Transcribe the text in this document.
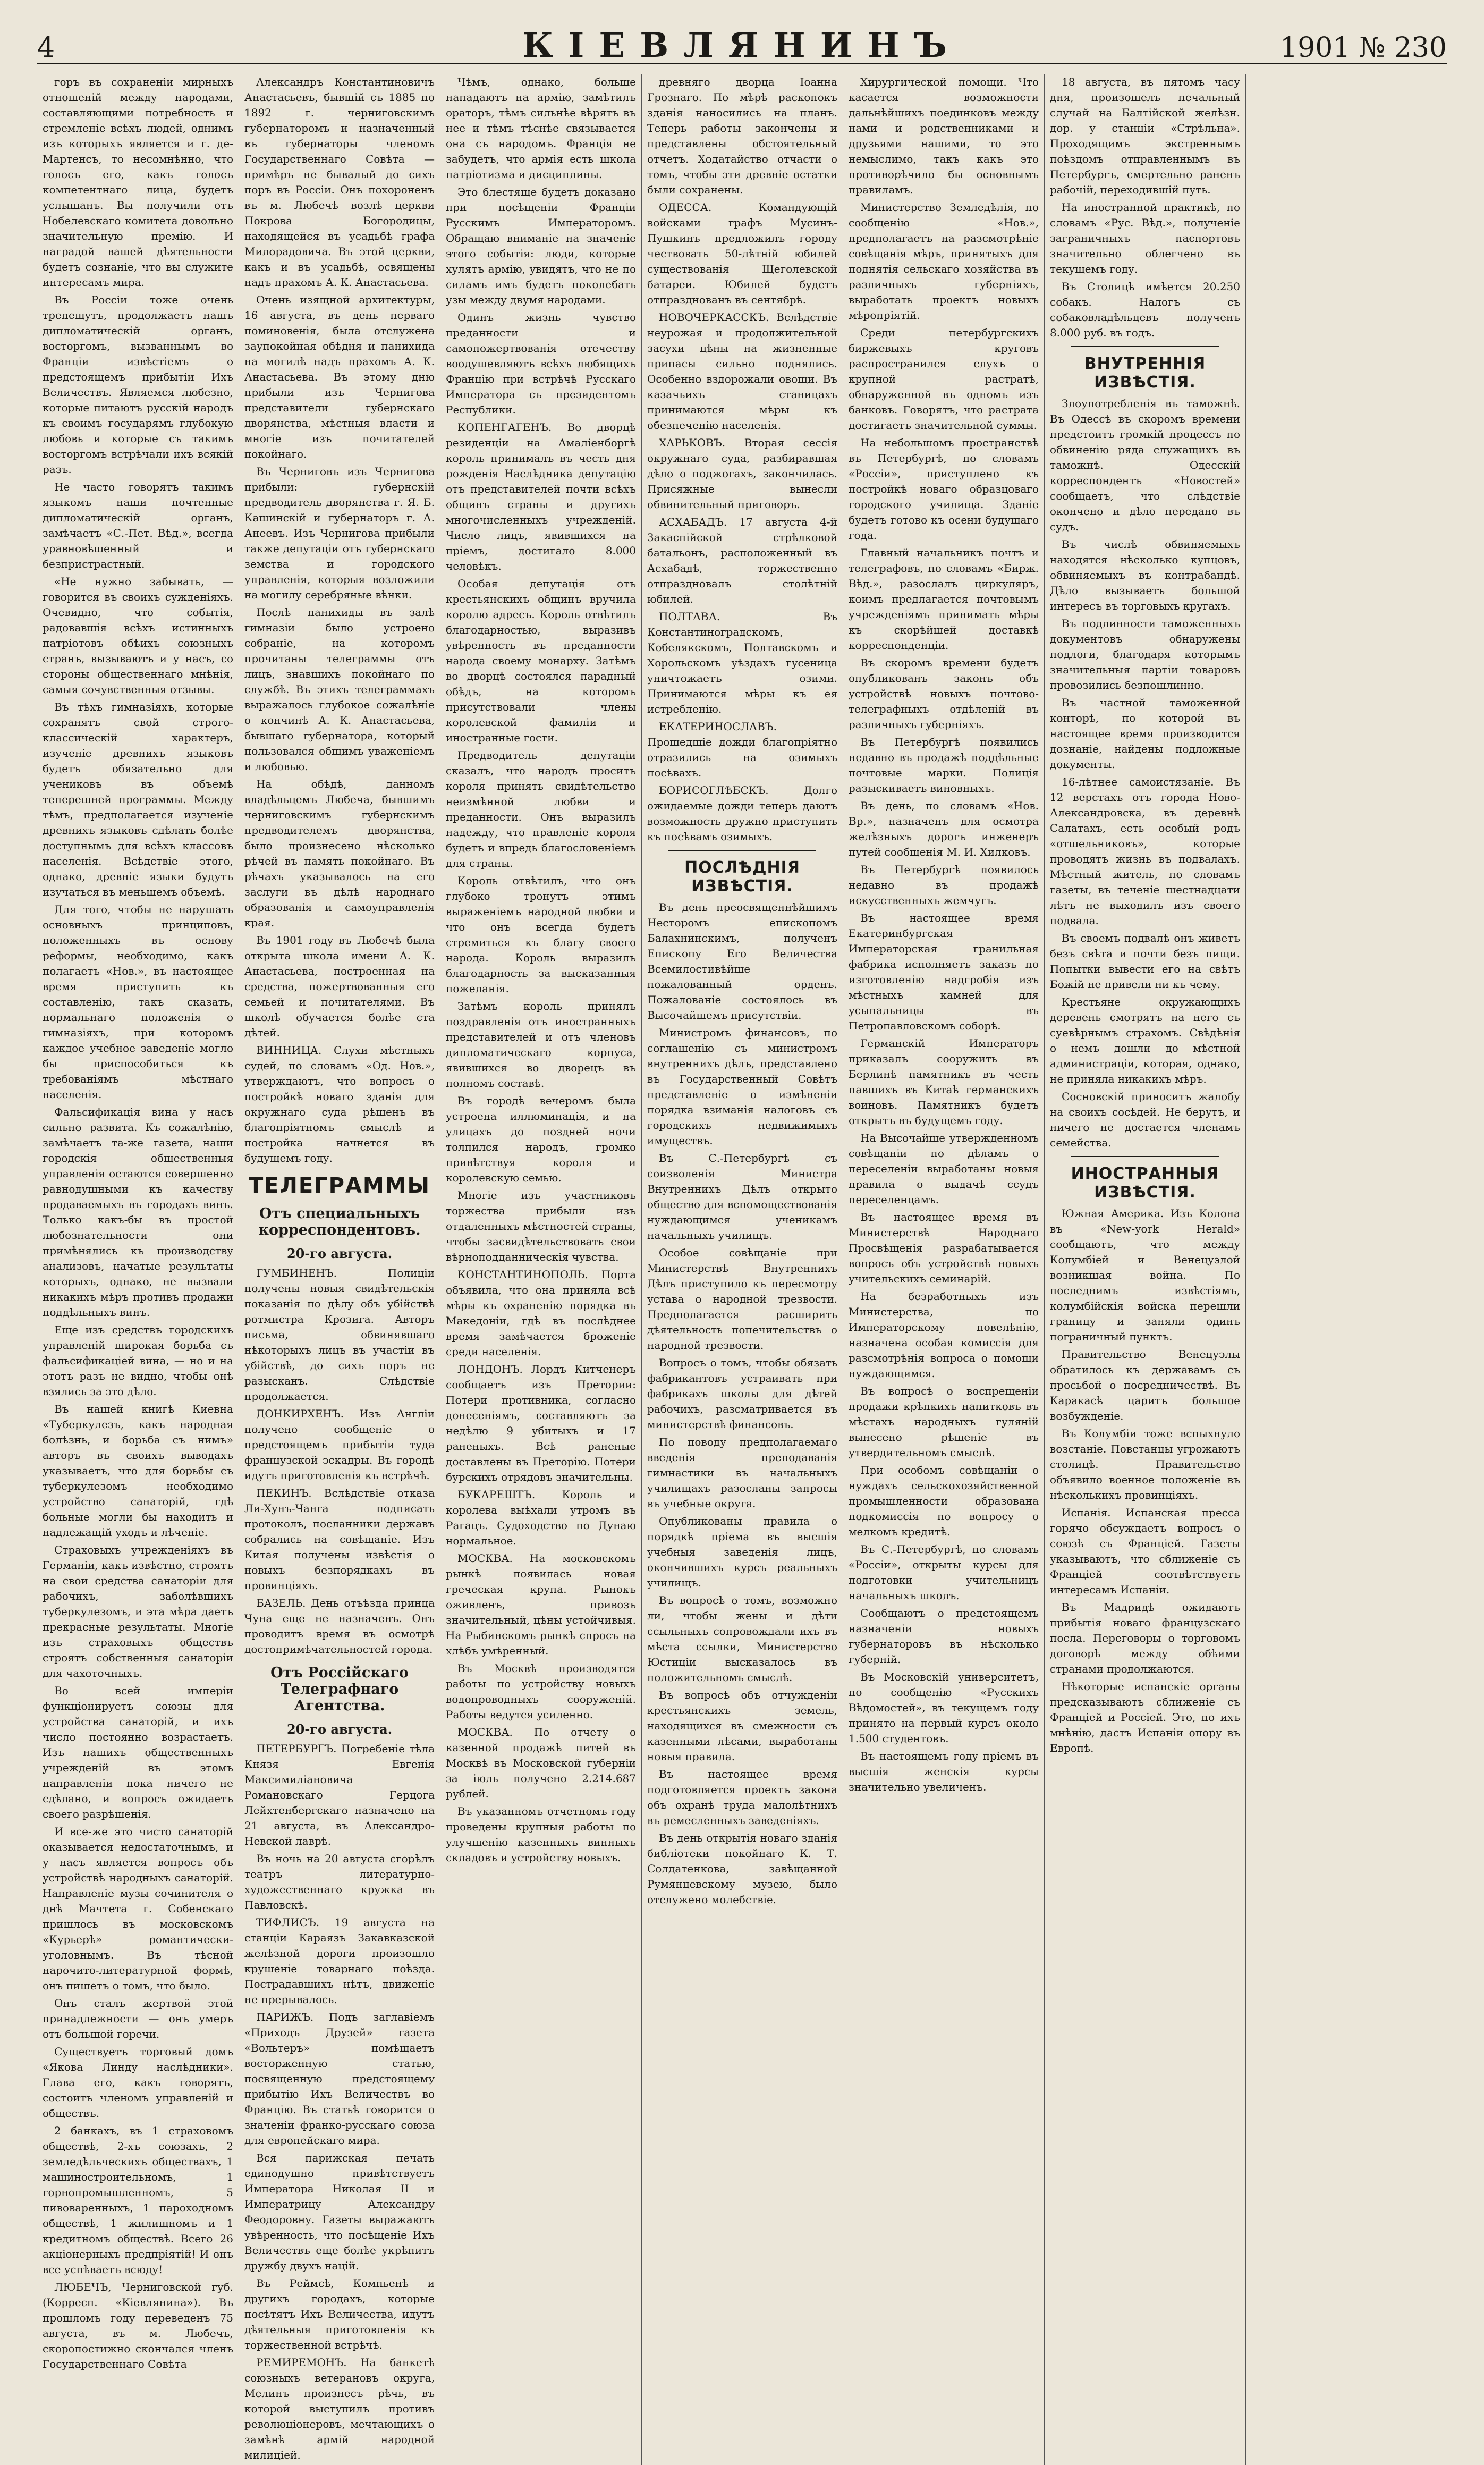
4	КІЕВЛЯНИНЪ	1901 № 230

горъ въ сохраненіи мирныхъ отношеній между народами, составляющими потребность и стремленіе всѣхъ людей, однимъ изъ которыхъ является и г. де-Мартенсъ, то несомнѣнно, что голосъ его, какъ голосъ компетентнаго лица, будетъ услышанъ. Вы получили отъ Нобелевскаго комитета довольно значительную премію. И наградой вашей дѣятельности будетъ сознаніе, что вы служите интересамъ мира.

Въ Россіи тоже очень трепещутъ, продолжаетъ нашъ дипломатическій органъ, восторгомъ, вызваннымъ во Франціи извѣстіемъ о предстоящемъ прибытіи Ихъ Величествъ. Являемся любезно, которые питаютъ русскій народъ къ своимъ государямъ глубокую любовь и которые съ такимъ восторгомъ встрѣчали ихъ всякій разъ.

Не часто говорятъ такимъ языкомъ наши почтенные дипломатическій органъ, замѣчаетъ «С.-Пет. Вѣд.», всегда уравновѣшенный и безпристрастный.

«Не нужно забывать, — говорится въ своихъ сужденіяхъ. Очевидно, что событія, радовавшія всѣхъ истинныхъ патріотовъ обѣихъ союзныхъ странъ, вызываютъ и у насъ, со стороны общественнаго мнѣнія, самыя сочувственныя отзывы.

Въ тѣхъ гимназіяхъ, которые сохранятъ свой строго-классическій характеръ, изученіе древнихъ языковъ будетъ обязательно для учениковъ въ объемѣ теперешней программы. Между тѣмъ, предполагается изученіе древнихъ языковъ сдѣлать болѣе доступнымъ для всѣхъ классовъ населенія. Всѣдствіе этого, однако, древніе языки будутъ изучаться въ меньшемъ объемѣ.

Для того, чтобы не нарушать основныхъ принциповъ, положенныхъ въ основу реформы, необходимо, какъ полагаетъ «Нов.», въ настоящее время приступить къ составленію, такъ сказать, нормальнаго положенія о гимназіяхъ, при которомъ каждое учебное заведеніе могло бы приспособиться къ требованіямъ мѣстнаго населенія.

Фальсификація вина у насъ сильно развита. Къ сожалѣнію, замѣчаетъ та-же газета, наши городскія общественныя управленія остаются совершенно равнодушными къ качеству продаваемыхъ въ городахъ винъ. Только какъ-бы въ простой любознательности они примѣнялись къ производству анализовъ, начатые результаты которыхъ, однако, не вызвали никакихъ мѣръ противъ продажи поддѣльныхъ винъ.

Еще изъ средствъ городскихъ управленій широкая борьба съ фальсификаціей вина, — но и на этотъ разъ не видно, чтобы онѣ взялись за это дѣло.

Въ нашей книгѣ Киевна «Туберкулезъ, какъ народная болѣзнь, и борьба съ нимъ» авторъ въ своихъ выводахъ указываетъ, что для борьбы съ туберкулезомъ необходимо устройство санаторій, гдѣ больные могли бы находить и надлежащій уходъ и лѣченіе.

Страховыхъ учрежденіяхъ въ Германіи, какъ извѣстно, строятъ на свои средства санаторіи для рабочихъ, заболѣвшихъ туберкулезомъ, и эта мѣра даетъ прекрасные результаты. Многіе изъ страховыхъ обществъ строятъ собственныя санаторіи для чахоточныхъ.

Во всей имперіи функціонируетъ союзы для устройства санаторій, и ихъ число постоянно возрастаетъ. Изъ нашихъ общественныхъ учрежденій въ этомъ направленіи пока ничего не сдѣлано, и вопросъ ожидаетъ своего разрѣшенія.

И все-же это чисто санаторій оказывается недостаточнымъ, и у насъ является вопросъ объ устройствѣ народныхъ санаторій. Направленіе музы сочинителя о днѣ Мачтета г. Собенскаго пришлось въ московскомъ «Курьерѣ» романтически-уголовнымъ. Въ тѣсной нарочито-литературной формѣ, онъ пишетъ о томъ, что было.

Онъ сталъ жертвой этой принадлежности — онъ умеръ отъ большой горечи.

Существуетъ торговый домъ «Якова Линду наслѣдники». Глава его, какъ говорятъ, состоитъ членомъ управленій и обществъ.

2 банкахъ, въ 1 страховомъ обществѣ, 2-хъ союзахъ, 2 земледѣльческихъ обществахъ, 1 машиностроительномъ, 1 горнопромышленномъ, 5 пивоваренныхъ, 1 пароходномъ обществѣ, 1 жилищномъ и 1 кредитномъ обществѣ. Всего 26 акціонерныхъ предпріятій! И онъ все успѣваетъ всюду!

ЛЮБЕЧЪ, Черниговской губ. (Корресп. «Кіевлянина»). Въ прошломъ году переведенъ 75 августа, въ м. Любечъ, скоропостижно скончался членъ Государственнаго Совѣта

Александръ Константиновичъ Анастасьевъ, бывшій съ 1885 по 1892 г. черниговскимъ губернаторомъ и назначенный въ губернаторы членомъ Государственнаго Совѣта — примѣръ не бывалый до сихъ поръ въ Россіи. Онъ похороненъ въ м. Любечѣ возлѣ церкви Покрова Богородицы, находящейся въ усадьбѣ графа Милорадовича. Въ этой церкви, какъ и въ усадьбѣ, освящены надъ прахомъ А. К. Анастасьева.

Очень изящной архитектуры, 16 августа, въ день перваго поминовенія, была отслужена заупокойная обѣдня и панихида на могилѣ надъ прахомъ А. К. Анастасьева. Въ этому дню прибыли изъ Чернигова представители губернскаго дворянства, мѣстныя власти и многіе изъ почитателей покойнаго.

Въ Черниговъ изъ Чернигова прибыли: губернскій предводитель дворянства г. Я. Б. Кашинскій и губернаторъ г. А. Анеевъ. Изъ Чернигова прибыли также депутаціи отъ губернскаго земства и городского управленія, которыя возложили на могилу серебряные вѣнки.

Послѣ панихиды въ залѣ гимназіи было устроено собраніе, на которомъ прочитаны телеграммы отъ лицъ, знавшихъ покойнаго по службѣ. Въ этихъ телеграммахъ выражалось глубокое сожалѣніе о кончинѣ А. К. Анастасьева, бывшаго губернатора, который пользовался общимъ уваженіемъ и любовью.

На обѣдѣ, данномъ владѣльцемъ Любеча, бывшимъ черниговскимъ губернскимъ предводителемъ дворянства, было произнесено нѣсколько рѣчей въ память покойнаго. Въ рѣчахъ указывалось на его заслуги въ дѣлѣ народнаго образованія и самоуправленія края.

Въ 1901 году въ Любечѣ была открыта школа имени А. К. Анастасьева, построенная на средства, пожертвованныя его семьей и почитателями. Въ школѣ обучается болѣе ста дѣтей.

ВИННИЦА. Слухи мѣстныхъ судей, по словамъ «Од. Нов.», утверждаютъ, что вопросъ о постройкѣ новаго зданія для окружнаго суда рѣшенъ въ благопріятномъ смыслѣ и постройка начнется въ будущемъ году.

ТЕЛЕГРАММЫ
Отъ специальныхъ корреспондентовъ.
20-го августа.

ГУМБИНЕНЪ. Полиціи получены новыя свидѣтельскія показанія по дѣлу объ убійствѣ ротмистра Крозига. Авторъ письма, обвинявшаго нѣкоторыхъ лицъ въ участіи въ убійствѣ, до сихъ поръ не разысканъ. Слѣдствіе продолжается.

ДОНКИРХЕНЪ. Изъ Англіи получено сообщеніе о предстоящемъ прибытіи туда французской эскадры. Въ городѣ идутъ приготовленія къ встрѣчѣ.

ПЕКИНЪ. Вслѣдствіе отказа Ли-Хунъ-Чанга подписать протоколъ, посланники державъ собрались на совѣщаніе. Изъ Китая получены извѣстія о новыхъ безпорядкахъ въ провинціяхъ.

БАЗЕЛЬ. День отъѣзда принца Чуна еще не назначенъ. Онъ проводитъ время въ осмотрѣ достопримѣчательностей города.

Отъ Россійскаго Телеграфнаго Агентства.
20-го августа.

ПЕТЕРБУРГЪ. Погребеніе тѣла Князя Евгенія Максимиліановича Романовскаго Герцога Лейхтенбергскаго назначено на 21 августа, въ Александро-Невской лаврѣ.

Въ ночь на 20 августа сгорѣлъ театръ литературно-художественнаго кружка въ Павловскѣ.

ТИФЛИСЪ. 19 августа на станціи Караязъ Закавказской желѣзной дороги произошло крушеніе товарнаго поѣзда. Пострадавшихъ нѣтъ, движеніе не прерывалось.

ПАРИЖЪ. Подъ заглавіемъ «Приходъ Друзей» газета «Вольтеръ» помѣщаетъ восторженную статью, посвященную предстоящему прибытію Ихъ Величествъ во Францію. Въ статьѣ говорится о значеніи франко-русскаго союза для европейскаго мира.

Вся парижская печать единодушно привѣтствуетъ Императора Николая II и Императрицу Александру Феодоровну. Газеты выражаютъ увѣренность, что посѣщеніе Ихъ Величествъ еще болѣе укрѣпитъ дружбу двухъ націй.

Въ Реймсѣ, Компьенѣ и другихъ городахъ, которые посѣтятъ Ихъ Величества, идутъ дѣятельныя приготовленія къ торжественной встрѣчѣ.

РЕМИРЕМОНЪ. На банкетѣ союзныхъ ветерановъ округа, Мелинъ произнесъ рѣчь, въ которой выступилъ противъ революціонеровъ, мечтающихъ о замѣнѣ армій народной милиціей.

Чѣмъ, однако, больше нападаютъ на армію, замѣтилъ ораторъ, тѣмъ сильнѣе вѣрятъ въ нее и тѣмъ тѣснѣе связывается она съ народомъ. Франція не забудетъ, что армія есть школа патріотизма и дисциплины.

Это блестяще будетъ доказано при посѣщеніи Франціи Русскимъ Императоромъ. Обращаю вниманіе на значеніе этого событія: люди, которые хулятъ армію, увидятъ, что не по силамъ имъ будетъ поколебать узы между двумя народами.

Одинъ жизнь чувство преданности и самопожертвованія отечеству воодушевляютъ всѣхъ любящихъ Францію при встрѣчѣ Русскаго Императора съ президентомъ Республики.

КОПЕНГАГЕНЪ. Во дворцѣ резиденціи на Амаліенборгѣ король принималъ въ честь дня рожденія Наслѣдника депутацію отъ представителей почти всѣхъ общинъ страны и другихъ многочисленныхъ учрежденій. Число лицъ, явившихся на пріемъ, достигало 8.000 человѣкъ.

Особая депутація отъ крестьянскихъ общинъ вручила королю адресъ. Король отвѣтилъ благодарностью, выразивъ увѣренность въ преданности народа своему монарху. Затѣмъ во дворцѣ состоялся парадный обѣдъ, на которомъ присутствовали члены королевской фамиліи и иностранные гости.

Предводитель депутаціи сказалъ, что народъ проситъ короля принять свидѣтельство неизмѣнной любви и преданности. Онъ выразилъ надежду, что правленіе короля будетъ и впредь благословеніемъ для страны.

Король отвѣтилъ, что онъ глубоко тронутъ этимъ выраженіемъ народной любви и что онъ всегда будетъ стремиться къ благу своего народа. Король выразилъ благодарность за высказанныя пожеланія.

Затѣмъ король принялъ поздравленія отъ иностранныхъ представителей и отъ членовъ дипломатическаго корпуса, явившихся во дворецъ въ полномъ составѣ.

Въ городѣ вечеромъ была устроена иллюминація, и на улицахъ до поздней ночи толпился народъ, громко привѣтствуя короля и королевскую семью.

Многіе изъ участниковъ торжества прибыли изъ отдаленныхъ мѣстностей страны, чтобы засвидѣтельствовать свои вѣрноподданническія чувства.

КОНСТАНТИНОПОЛЬ. Порта объявила, что она приняла всѣ мѣры къ охраненію порядка въ Македоніи, гдѣ въ послѣднее время замѣчается броженіе среди населенія.

ЛОНДОНЪ. Лордъ Китченеръ сообщаетъ изъ Претории: Потери противника, согласно донесеніямъ, составляютъ за недѣлю 9 убитыхъ и 17 раненыхъ. Всѣ раненые доставлены въ Преторію. Потери бурскихъ отрядовъ значительны.

БУКАРЕШТЪ. Король и королева выѣхали утромъ въ Рагацъ. Судоходство по Дунаю нормальное.

МОСКВА. На московскомъ рынкѣ появилась новая греческая крупа. Рынокъ оживленъ, привозъ значительный, цѣны устойчивыя. На Рыбинскомъ рынкѣ спросъ на хлѣбъ умѣренный.

Въ Москвѣ производятся работы по устройству новыхъ водопроводныхъ сооруженій. Работы ведутся усиленно.

МОСКВА. По отчету о казенной продажѣ питей въ Москвѣ въ Московской губерніи за іюль получено 2.214.687 рублей.

Въ указанномъ отчетномъ году проведены крупныя работы по улучшенію казенныхъ винныхъ складовъ и устройству новыхъ.

древняго дворца Іоанна Грознаго. По мѣрѣ раскопокъ зданія наносились на планъ. Теперь работы закончены и представлены обстоятельный отчетъ. Ходатайство отчасти о томъ, чтобы эти древніе остатки были сохранены.

ОДЕССА. Командующій войсками графъ Мусинъ-Пушкинъ предложилъ городу чествовать 50-лѣтній юбилей существованія Щеголевской батареи. Юбилей будетъ отпразднованъ въ сентябрѣ.

НОВОЧЕРКАССКЪ. Вслѣдствіе неурожая и продолжительной засухи цѣны на жизненные припасы сильно поднялись. Особенно вздорожали овощи. Въ казачьихъ станицахъ принимаются мѣры къ обезпеченію населенія.

ХАРЬКОВЪ. Вторая сессія окружнаго суда, разбиравшая дѣло о поджогахъ, закончилась. Присяжные вынесли обвинительный приговоръ.

АСХАБАДЪ. 17 августа 4-й Закаспійской стрѣлковой батальонъ, расположенный въ Асхабадѣ, торжественно отпраздновалъ столѣтній юбилей.

ПОЛТАВА. Въ Константиноградскомъ, Кобелякскомъ, Полтавскомъ и Хорольскомъ уѣздахъ гусеница уничтожаетъ озими. Принимаются мѣры къ ея истребленію.

ЕКАТЕРИНОСЛАВЪ. Прошедшіе дожди благопріятно отразились на озимыхъ посѣвахъ.

БОРИСОГЛѢБСКЪ. Долго ожидаемые дожди теперь даютъ возможность дружно приступить къ посѣвамъ озимыхъ.

ПОСЛѢДНІЯ ИЗВѢСТІЯ.

Въ день преосвященнѣйшимъ Несторомъ епископомъ Балахнинскимъ, полученъ Епископу Его Величества Всемилостивѣйше пожалованный орденъ. Пожалованіе состоялось въ Высочайшемъ присутствіи.

Министромъ финансовъ, по соглашенію съ министромъ внутреннихъ дѣлъ, представлено въ Государственный Совѣтъ представленіе о измѣненіи порядка взиманія налоговъ съ городскихъ недвижимыхъ имуществъ.

Въ С.-Петербургѣ съ соизволенія Министра Внутреннихъ Дѣлъ открыто общество для вспомоществованія нуждающимся ученикамъ начальныхъ училищъ.

Особое совѣщаніе при Министерствѣ Внутреннихъ Дѣлъ приступило къ пересмотру устава о народной трезвости. Предполагается расширить дѣятельность попечительствъ о народной трезвости.

Вопросъ о томъ, чтобы обязать фабрикантовъ устраивать при фабрикахъ школы для дѣтей рабочихъ, разсматривается въ министерствѣ финансовъ.

По поводу предполагаемаго введенія преподаванія гимнастики въ начальныхъ училищахъ разосланы запросы въ учебные округа.

Опубликованы правила о порядкѣ пріема въ высшія учебныя заведенія лицъ, окончившихъ курсъ реальныхъ училищъ.

Въ вопросѣ о томъ, возможно ли, чтобы жены и дѣти ссыльныхъ сопровождали ихъ въ мѣста ссылки, Министерство Юстиціи высказалось въ положительномъ смыслѣ.

Въ вопросѣ объ отчужденіи крестьянскихъ земель, находящихся въ смежности съ казенными лѣсами, выработаны новыя правила.

Въ настоящее время подготовляется проектъ закона объ охранѣ труда малолѣтнихъ въ ремесленныхъ заведеніяхъ.

Въ день открытія новаго зданія библіотеки покойнаго К. Т. Солдатенкова, завѣщанной Румянцевскому музею, было отслужено молебствіе.

Хирургической помощи. Что касается возможности дальнѣйшихъ поединковъ между нами и родственниками и друзьями нашими, то это немыслимо, такъ какъ это противорѣчило бы основнымъ правиламъ.

Министерство Земледѣлія, по сообщенію «Нов.», предполагаетъ на разсмотрѣніе совѣщанія мѣръ, принятыхъ для поднятія сельскаго хозяйства въ различныхъ губерніяхъ, выработать проектъ новыхъ мѣропріятій.

Среди петербургскихъ биржевыхъ круговъ распространился слухъ о крупной растратѣ, обнаруженной въ одномъ изъ банковъ. Говорятъ, что растрата достигаетъ значительной суммы.

На небольшомъ пространствѣ въ Петербургѣ, по словамъ «Россіи», приступлено къ постройкѣ новаго образцоваго городского училища. Зданіе будетъ готово къ осени будущаго года.

Главный начальникъ почтъ и телеграфовъ, по словамъ «Бирж. Вѣд.», разослалъ циркуляръ, коимъ предлагается почтовымъ учрежденіямъ принимать мѣры къ скорѣйшей доставкѣ корреспонденціи.

Въ скоромъ времени будетъ опубликованъ законъ объ устройствѣ новыхъ почтово-телеграфныхъ отдѣленій въ различныхъ губерніяхъ.

Въ Петербургѣ появились недавно въ продажѣ поддѣльные почтовые марки. Полиція разыскиваетъ виновныхъ.

Въ день, по словамъ «Нов. Вр.», назначенъ для осмотра желѣзныхъ дорогъ инженеръ путей сообщенія М. И. Хилковъ.

Въ Петербургѣ появилось недавно въ продажѣ искусственныхъ жемчугъ.

Въ настоящее время Екатеринбургская Императорская гранильная фабрика исполняетъ заказъ по изготовленію надгробія изъ мѣстныхъ камней для усыпальницы въ Петропавловскомъ соборѣ.

Германскій Императоръ приказалъ сооружить въ Берлинѣ памятникъ въ честь павшихъ въ Китаѣ германскихъ воиновъ. Памятникъ будетъ открытъ въ будущемъ году.

На Высочайше утвержденномъ совѣщаніи по дѣламъ о переселеніи выработаны новыя правила о выдачѣ ссудъ переселенцамъ.

Въ настоящее время въ Министерствѣ Народнаго Просвѣщенія разрабатывается вопросъ объ устройствѣ новыхъ учительскихъ семинарій.

На безработныхъ изъ Министерства, по Императорскому повелѣнію, назначена особая комиссія для разсмотрѣнія вопроса о помощи нуждающимся.

Въ вопросѣ о воспрещеніи продажи крѣпкихъ напитковъ въ мѣстахъ народныхъ гуляній вынесено рѣшеніе въ утвердительномъ смыслѣ.

При особомъ совѣщаніи о нуждахъ сельскохозяйственной промышленности образована подкомиссія по вопросу о мелкомъ кредитѣ.

Въ С.-Петербургѣ, по словамъ «Россіи», открыты курсы для подготовки учительницъ начальныхъ школъ.

Сообщаютъ о предстоящемъ назначеніи новыхъ губернаторовъ въ нѣсколько губерній.

Въ Московскій университетъ, по сообщенію «Русскихъ Вѣдомостей», въ текущемъ году принято на первый курсъ около 1.500 студентовъ.

Въ настоящемъ году пріемъ въ высшія женскія курсы значительно увеличенъ.

18 августа, въ пятомъ часу дня, произошелъ печальный случай на Балтійской желѣзн. дор. у станціи «Стрѣльна». Проходящимъ экстреннымъ поѣздомъ отправленнымъ въ Петербургъ, смертельно раненъ рабочій, переходившій путь.

На иностранной практикѣ, по словамъ «Рус. Вѣд.», полученіе заграничныхъ паспортовъ значительно облегчено въ текущемъ году.

Въ Столицѣ имѣется 20.250 собакъ. Налогъ съ собаковладѣльцевъ полученъ 8.000 руб. въ годъ.

ВНУТРЕННІЯ ИЗВѢСТІЯ.

Злоупотребленія въ таможнѣ. Въ Одессѣ въ скоромъ времени предстоитъ громкій процессъ по обвиненію ряда служащихъ въ таможнѣ. Одесскій корреспондентъ «Новостей» сообщаетъ, что слѣдствіе окончено и дѣло передано въ судъ.

Въ числѣ обвиняемыхъ находятся нѣсколько купцовъ, обвиняемыхъ въ контрабандѣ. Дѣло вызываетъ большой интересъ въ торговыхъ кругахъ.

Въ подлинности таможенныхъ документовъ обнаружены подлоги, благодаря которымъ значительныя партіи товаровъ провозились безпошлинно.

Въ частной таможенной конторѣ, по которой въ настоящее время производится дознаніе, найдены подложные документы.

16-лѣтнее самоистязаніе. Въ 12 верстахъ отъ города Ново-Александровска, въ деревнѣ Салатахъ, есть особый родъ «отшельниковъ», которые проводятъ жизнь въ подвалахъ. Мѣстный житель, по словамъ газеты, въ теченіе шестнадцати лѣтъ не выходилъ изъ своего подвала.

Въ своемъ подвалѣ онъ живетъ безъ свѣта и почти безъ пищи. Попытки вывести его на свѣтъ Божій не привели ни къ чему.

Крестьяне окружающихъ деревень смотрятъ на него съ суевѣрнымъ страхомъ. Свѣдѣнія о немъ дошли до мѣстной администраціи, которая, однако, не приняла никакихъ мѣръ.

Сосновскій приноситъ жалобу на своихъ сосѣдей. Не берутъ, и ничего не достается членамъ семейства.

ИНОСТРАННЫЯ ИЗВѢСТІЯ.

Южная Америка. Изъ Колона въ «New-york Herald» сообщаютъ, что между Колумбіей и Венецуэлой возникшая война. По последнимъ извѣстіямъ, колумбійскія войска перешли границу и заняли одинъ пограничный пунктъ.

Правительство Венецуэлы обратилось къ державамъ съ просьбой о посредничествѣ. Въ Каракасѣ царитъ большое возбужденіе.

Въ Колумбіи тоже вспыхнуло возстаніе. Повстанцы угрожаютъ столицѣ. Правительство объявило военное положеніе въ нѣсколькихъ провинціяхъ.

Испанія. Испанская пресса горячо обсуждаетъ вопросъ о союзѣ съ Франціей. Газеты указываютъ, что сближеніе съ Франціей соотвѣтствуетъ интересамъ Испаніи.

Въ Мадридѣ ожидаютъ прибытія новаго французскаго посла. Переговоры о торговомъ договорѣ между обѣими странами продолжаются.

Нѣкоторые испанскіе органы предсказываютъ сближеніе съ Франціей и Россіей. Это, по ихъ мнѣнію, дастъ Испаніи опору въ Европѣ.
